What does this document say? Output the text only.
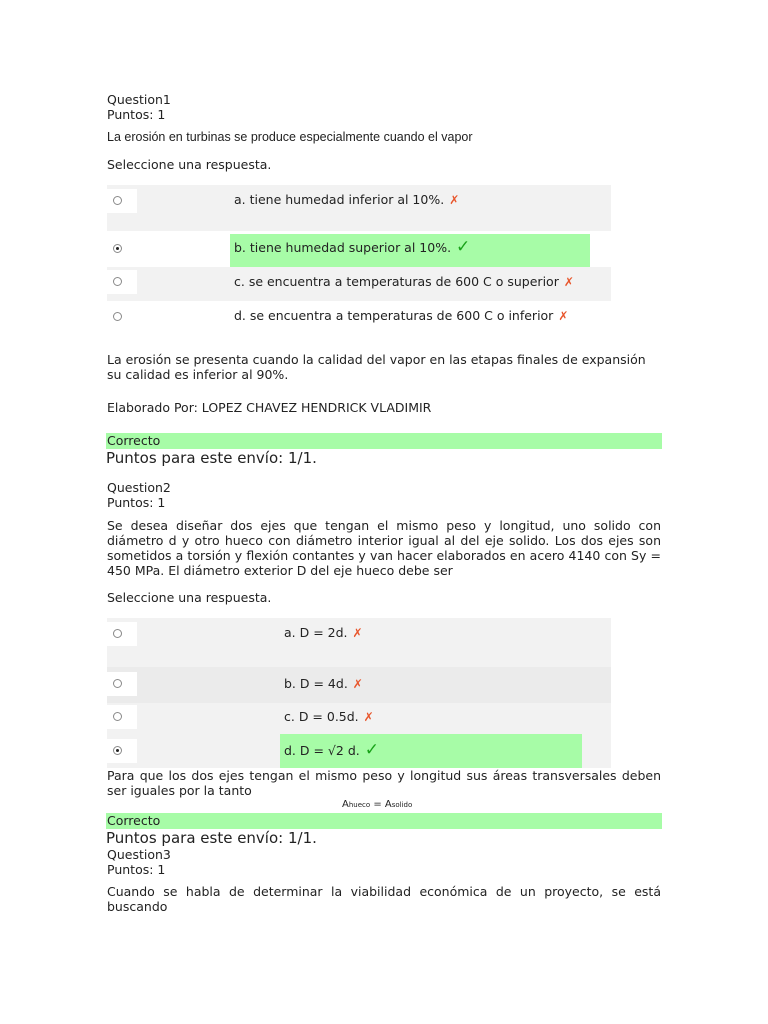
Question1
Puntos: 1
La erosión en turbinas se produce especialmente cuando el vapor
Seleccione una respuesta.
a. tiene humedad inferior al 10%. ✗
b. tiene humedad superior al 10%. ✓
c. se encuentra a temperaturas de 600 C o superior ✗
d. se encuentra a temperaturas de 600 C o inferior ✗
La erosión se presenta cuando la calidad del vapor en las etapas finales de expansión
su calidad es inferior al 90%.
Elaborado Por: LOPEZ CHAVEZ HENDRICK VLADIMIR
Correcto
Puntos para este envío: 1/1.
Question2
Puntos: 1
Se desea diseñar dos ejes que tengan el mismo peso y longitud, uno solido con diámetro d y otro hueco con diámetro interior igual al del eje solido. Los dos ejes son sometidos a torsión y flexión contantes y van hacer elaborados en acero 4140 con Sy = 450 MPa. El diámetro exterior D del eje hueco debe ser
Seleccione una respuesta.
a. D = 2d. ✗
b. D = 4d. ✗
c. D = 0.5d. ✗
d. D = √2 d. ✓
Para que los dos ejes tengan el mismo peso y longitud sus áreas transversales deben ser iguales por la tanto
Ahueco = Asolido
Correcto
Puntos para este envío: 1/1.
Question3
Puntos: 1
Cuando se habla de determinar la viabilidad económica de un proyecto, se está buscando
